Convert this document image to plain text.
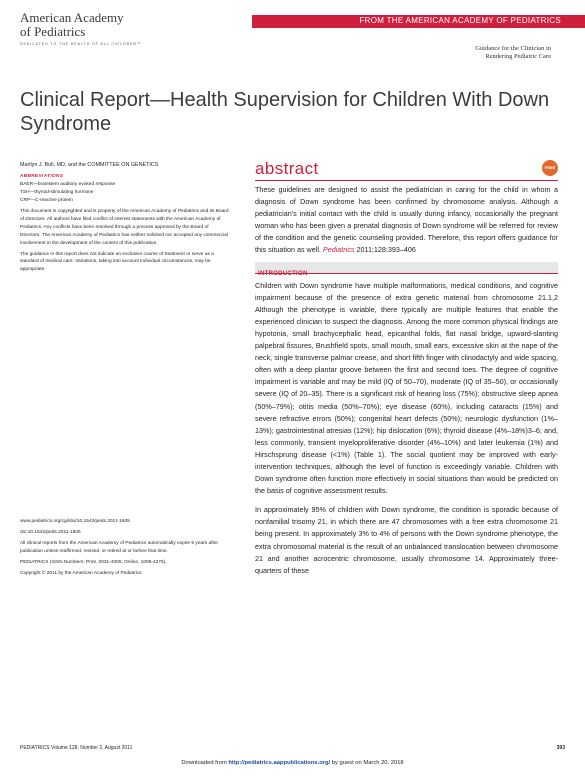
American Academy
of Pediatrics
DEDICATED TO THE HEALTH OF ALL CHILDREN™
FROM THE AMERICAN ACADEMY OF PEDIATRICS
Guidance for the Clinician in
Rendering Pediatric Care
Clinical Report—Health Supervision for Children With Down Syndrome
Marilyn J. Bull, MD, and the COMMITTEE ON GENETICS
ABBREVIATIONS
BAER—brainstem auditory evoked response
TSH—thyroid-stimulating hormone
CRP—C-reactive protein

This document is copyrighted and is property of the American Academy of Pediatrics and its Board of Directors. All authors have filed conflict of interest statements with the American Academy of Pediatrics. Any conflicts have been resolved through a process approved by the Board of Directors. The American Academy of Pediatrics has neither solicited nor accepted any commercial involvement in the development of the content of this publication.

The guidance in this report does not indicate an exclusive course of treatment or serve as a standard of medical care. Variations, taking into account individual circumstances, may be appropriate.

www.pediatrics.org/cgi/doi/10.1542/peds.2011-1605

doi:10.1542/peds.2011-1605

All clinical reports from the American Academy of Pediatrics automatically expire 5 years after publication unless reaffirmed, revised, or retired at or before that time.

PEDIATRICS (ISSN Numbers: Print, 0031-4005; Online, 1098-4275).

Copyright © 2011 by the American Academy of Pediatrics

abstract	FREE

These guidelines are designed to assist the pediatrician in caring for the child in whom a diagnosis of Down syndrome has been confirmed by chromosome analysis. Although a pediatrician's initial contact with the child is usually during infancy, occasionally the pregnant woman who has been given a prenatal diagnosis of Down syndrome will be referred for review of the condition and the genetic counseling provided. Therefore, this report offers guidance for this situation as well. Pediatrics 2011;128:393–406

INTRODUCTION

Children with Down syndrome have multiple malformations, medical conditions, and cognitive impairment because of the presence of extra genetic material from chromosome 21.1,2 Although the phenotype is variable, there typically are multiple features that enable the experienced clinician to suspect the diagnosis. Among the more common physical findings are hypotonia, small brachycephalic head, epicanthal folds, flat nasal bridge, upward-slanting palpebral fissures, Brushfield spots, small mouth, small ears, excessive skin at the nape of the neck, single transverse palmar crease, and short fifth finger with clinodactyly and wide spacing, often with a deep plantar groove between the first and second toes. The degree of cognitive impairment is variable and may be mild (IQ of 50–70), moderate (IQ of 35–50), or occasionally severe (IQ of 20–35). There is a significant risk of hearing loss (75%); obstructive sleep apnea (50%–79%); otitis media (50%–70%); eye disease (60%), including cataracts (15%) and severe refractive errors (50%); congenital heart defects (50%); neurologic dysfunction (1%–13%); gastrointestinal atresias (12%); hip dislocation (6%); thyroid disease (4%–18%)3–6; and, less commonly, transient myeloproliferative disorder (4%–10%) and later leukemia (1%) and Hirschsprung disease (<1%) (Table 1). The social quotient may be improved with early-intervention techniques, although the level of function is exceedingly variable. Children with Down syndrome often function more effectively in social situations than would be predicted on the basis of cognitive assessment results.

In approximately 95% of children with Down syndrome, the condition is sporadic because of nonfamilial trisomy 21, in which there are 47 chromosomes with a free extra chromosome 21 being present. In approximately 3% to 4% of persons with the Down syndrome phenotype, the extra chromosomal material is the result of an unbalanced translocation between chromosome 21 and another acrocentric chromosome, usually chromosome 14. Approximately three-quarters of these

PEDIATRICS Volume 128, Number 2, August 2011	393
Downloaded from http://pediatrics.aappublications.org/ by guest on March 20, 2018
